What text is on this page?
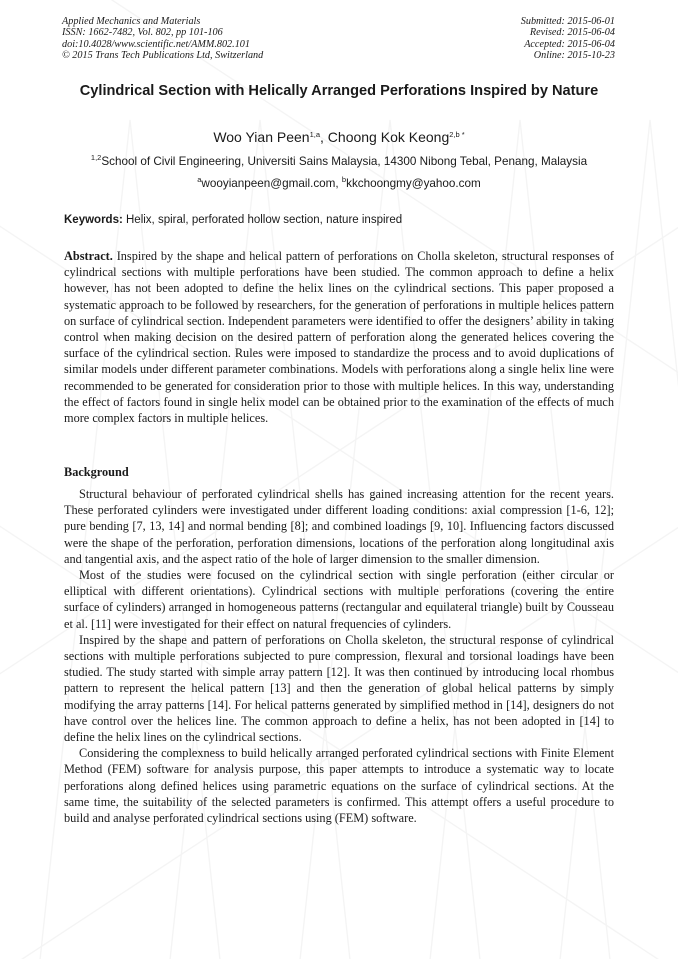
Applied Mechanics and Materials
ISSN: 1662-7482, Vol. 802, pp 101-106
doi:10.4028/www.scientific.net/AMM.802.101
© 2015 Trans Tech Publications Ltd, Switzerland
Submitted: 2015-06-01
Revised: 2015-06-04
Accepted: 2015-06-04
Online: 2015-10-23
Cylindrical Section with Helically Arranged Perforations Inspired by Nature
Woo Yian Peen$^{1,a}$, Choong Kok Keong$^{2,b *}$
$^{1,2}$School of Civil Engineering, Universiti Sains Malaysia, 14300 Nibong Tebal, Penang, Malaysia
$^a$wooyianpeen@gmail.com, $^b$kkchoongmy@yahoo.com
Keywords: Helix, spiral, perforated hollow section, nature inspired

Abstract. Inspired by the shape and helical pattern of perforations on Cholla skeleton, structural responses of cylindrical sections with multiple perforations have been studied. The common approach to define a helix however, has not been adopted to define the helix lines on the cylindrical sections. This paper proposed a systematic approach to be followed by researchers, for the generation of perforations in multiple helices pattern on surface of cylindrical section. Independent parameters were identified to offer the designers’ ability in taking control when making decision on the desired pattern of perforation along the generated helices covering the surface of the cylindrical section. Rules were imposed to standardize the process and to avoid duplications of similar models under different parameter combinations. Models with perforations along a single helix line were recommended to be generated for consideration prior to those with multiple helices. In this way, understanding the effect of factors found in single helix model can be obtained prior to the examination of the effects of much more complex factors in multiple helices.

Background

Structural behaviour of perforated cylindrical shells has gained increasing attention for the recent years. These perforated cylinders were investigated under different loading conditions: axial compression [1-6, 12]; pure bending [7, 13, 14] and normal bending [8]; and combined loadings [9, 10]. Influencing factors discussed were the shape of the perforation, perforation dimensions, locations of the perforation along longitudinal axis and tangential axis, and the aspect ratio of the hole of larger dimension to the smaller dimension.

Most of the studies were focused on the cylindrical section with single perforation (either circular or elliptical with different orientations). Cylindrical sections with multiple perforations (covering the entire surface of cylinders) arranged in homogeneous patterns (rectangular and equilateral triangle) built by Cousseau et al. [11] were investigated for their effect on natural frequencies of cylinders.

Inspired by the shape and pattern of perforations on Cholla skeleton, the structural response of cylindrical sections with multiple perforations subjected to pure compression, flexural and torsional loadings have been studied. The study started with simple array pattern [12]. It was then continued by introducing local rhombus pattern to represent the helical pattern [13] and then the generation of global helical patterns by simply modifying the array patterns [14]. For helical patterns generated by simplified method in [14], designers do not have control over the helices line. The common approach to define a helix, has not been adopted in [14] to define the helix lines on the cylindrical sections.

Considering the complexness to build helically arranged perforated cylindrical sections with Finite Element Method (FEM) software for analysis purpose, this paper attempts to introduce a systematic way to locate perforations along defined helices using parametric equations on the surface of cylindrical sections. At the same time, the suitability of the selected parameters is confirmed. This attempt offers a useful procedure to build and analyse perforated cylindrical sections using (FEM) software.
